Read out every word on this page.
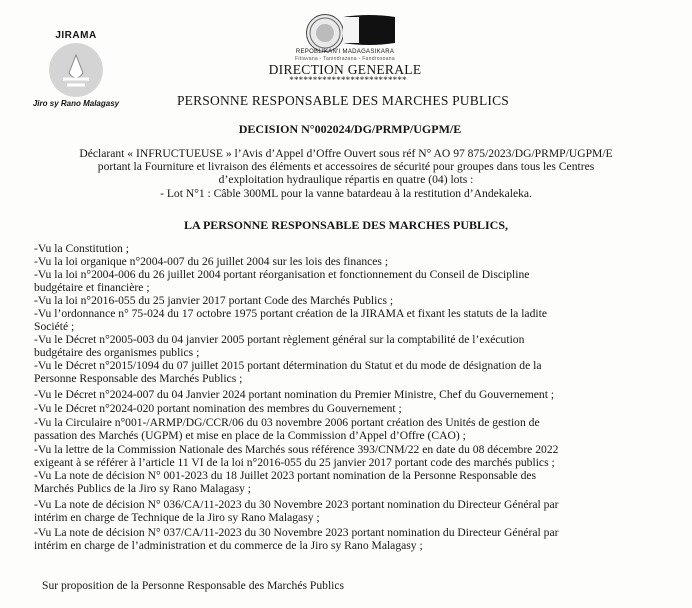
JIRAMA
Jiro sy Rano Malagasy
REPOBLIKAN'I MADAGASIKARA
Fitiavana - Tanindrazana - Fandrosoana
DIRECTION GENERALE
*************************
PERSONNE RESPONSABLE DES MARCHES PUBLICS
DECISION N°002024/DG/PRMP/UGPM/E
Déclarant « INFRUCTUEUSE » l’Avis d’Appel d’Offre Ouvert sous réf N° AO 97 875/2023/DG/PRMP/UGPM/E
portant la Fourniture et livraison des éléments et accessoires de sécurité pour groupes dans tous les Centres
d’exploitation hydraulique répartis en quatre (04) lots :
- Lot N°1 : Câble 300ML pour la vanne batardeau à la restitution d’Andekaleka.
LA PERSONNE RESPONSABLE DES MARCHES PUBLICS,
-Vu la Constitution ;
-Vu la loi organique n°2004-007 du 26 juillet 2004 sur les lois des finances ;
-Vu la loi n°2004-006 du 26 juillet 2004 portant réorganisation et fonctionnement du Conseil de Discipline
budgétaire et financière ;
-Vu la loi n°2016-055 du 25 janvier 2017 portant Code des Marchés Publics ;
-Vu l’ordonnance n° 75-024 du 17 octobre 1975 portant création de la JIRAMA et fixant les statuts de la ladite
Société ;
-Vu le Décret n°2005-003 du 04 janvier 2005 portant règlement général sur la comptabilité de l’exécution
budgétaire des organismes publics ;
-Vu le Décret n°2015/1094 du 07 juillet 2015 portant détermination du Statut et du mode de désignation de la
Personne Responsable des Marchés Publics ;
-Vu le Décret n°2024-007 du 04 Janvier 2024 portant nomination du Premier Ministre, Chef du Gouvernement ;
-Vu le Décret n°2024-020 portant nomination des membres du Gouvernement ;
-Vu la Circulaire n°001-/ARMP/DG/CCR/06 du 03 novembre 2006 portant création des Unités de gestion de
passation des Marchés (UGPM) et mise en place de la Commission d’Appel d’Offre (CAO) ;
-Vu la lettre de la Commission Nationale des Marchés sous référence 393/CNM/22 en date du 08 décembre 2022
exigeant à se référer à l’article 11 VI de la loi n°2016-055 du 25 janvier 2017 portant code des marchés publics ;
-Vu La note de décision N° 001-2023 du 18 Juillet 2023 portant nomination de la Personne Responsable des
Marchés Publics de la Jiro sy Rano Malagasy ;
-Vu La note de décision N° 036/CA/11-2023 du 30 Novembre 2023 portant nomination du Directeur Général par
intérim en charge de Technique de la Jiro sy Rano Malagasy ;
-Vu La note de décision N° 037/CA/11-2023 du 30 Novembre 2023 portant nomination du Directeur Général par
intérim en charge de l’administration et du commerce de la Jiro sy Rano Malagasy ;
Sur proposition de la Personne Responsable des Marchés Publics
